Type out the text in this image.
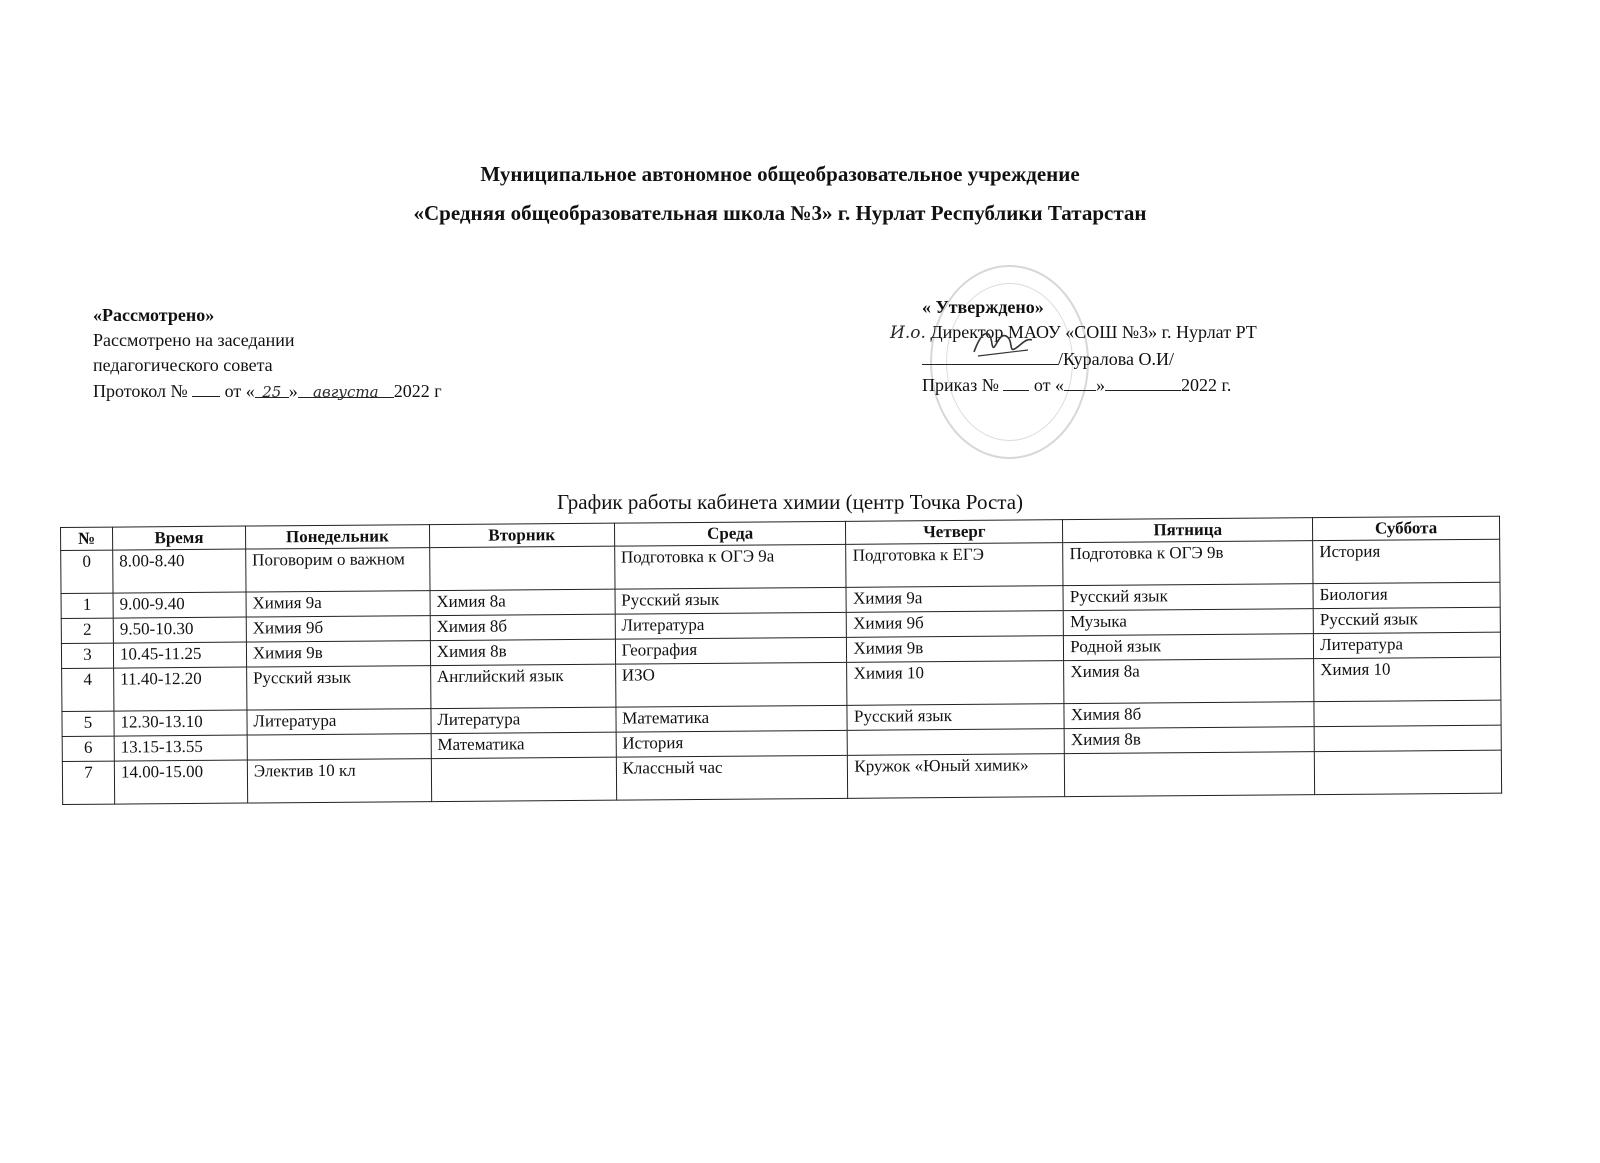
Муниципальное автономное общеобразовательное учреждение
«Средняя общеобразовательная школа №3» г. Нурлат Республики Татарстан
«Рассмотрено»
Рассмотрено на заседании
педагогического совета
Протокол № от « 25 » августа 2022 г
« Утверждено»
И.о. Директор МАОУ «СОШ №3» г. Нурлат РТ
/Куралова О.И/
Приказ № от « »	2022 г.
График работы кабинета химии (центр Точка Роста)
№	Время	Понедельник	Вторник	Среда	Четверг	Пятница	Суббота
0	8.00-8.40	Поговорим о важном		Подготовка к ОГЭ 9а	Подготовка к ЕГЭ	Подготовка к ОГЭ 9в	История
1	9.00-9.40	Химия 9а	Химия 8а	Русский язык	Химия 9а	Русский язык	Биология
2	9.50-10.30	Химия 9б	Химия 8б	Литература	Химия 9б	Музыка	Русский язык
3	10.45-11.25	Химия 9в	Химия 8в	География	Химия 9в	Родной язык	Литература
4	11.40-12.20	Русский язык	Английский язык	ИЗО	Химия 10	Химия 8а	Химия 10
5	12.30-13.10	Литература	Литература	Математика	Русский язык	Химия 8б	
6	13.15-13.55		Математика	История		Химия 8в	
7	14.00-15.00	Электив 10 кл		Классный час	Кружок «Юный химик»		
